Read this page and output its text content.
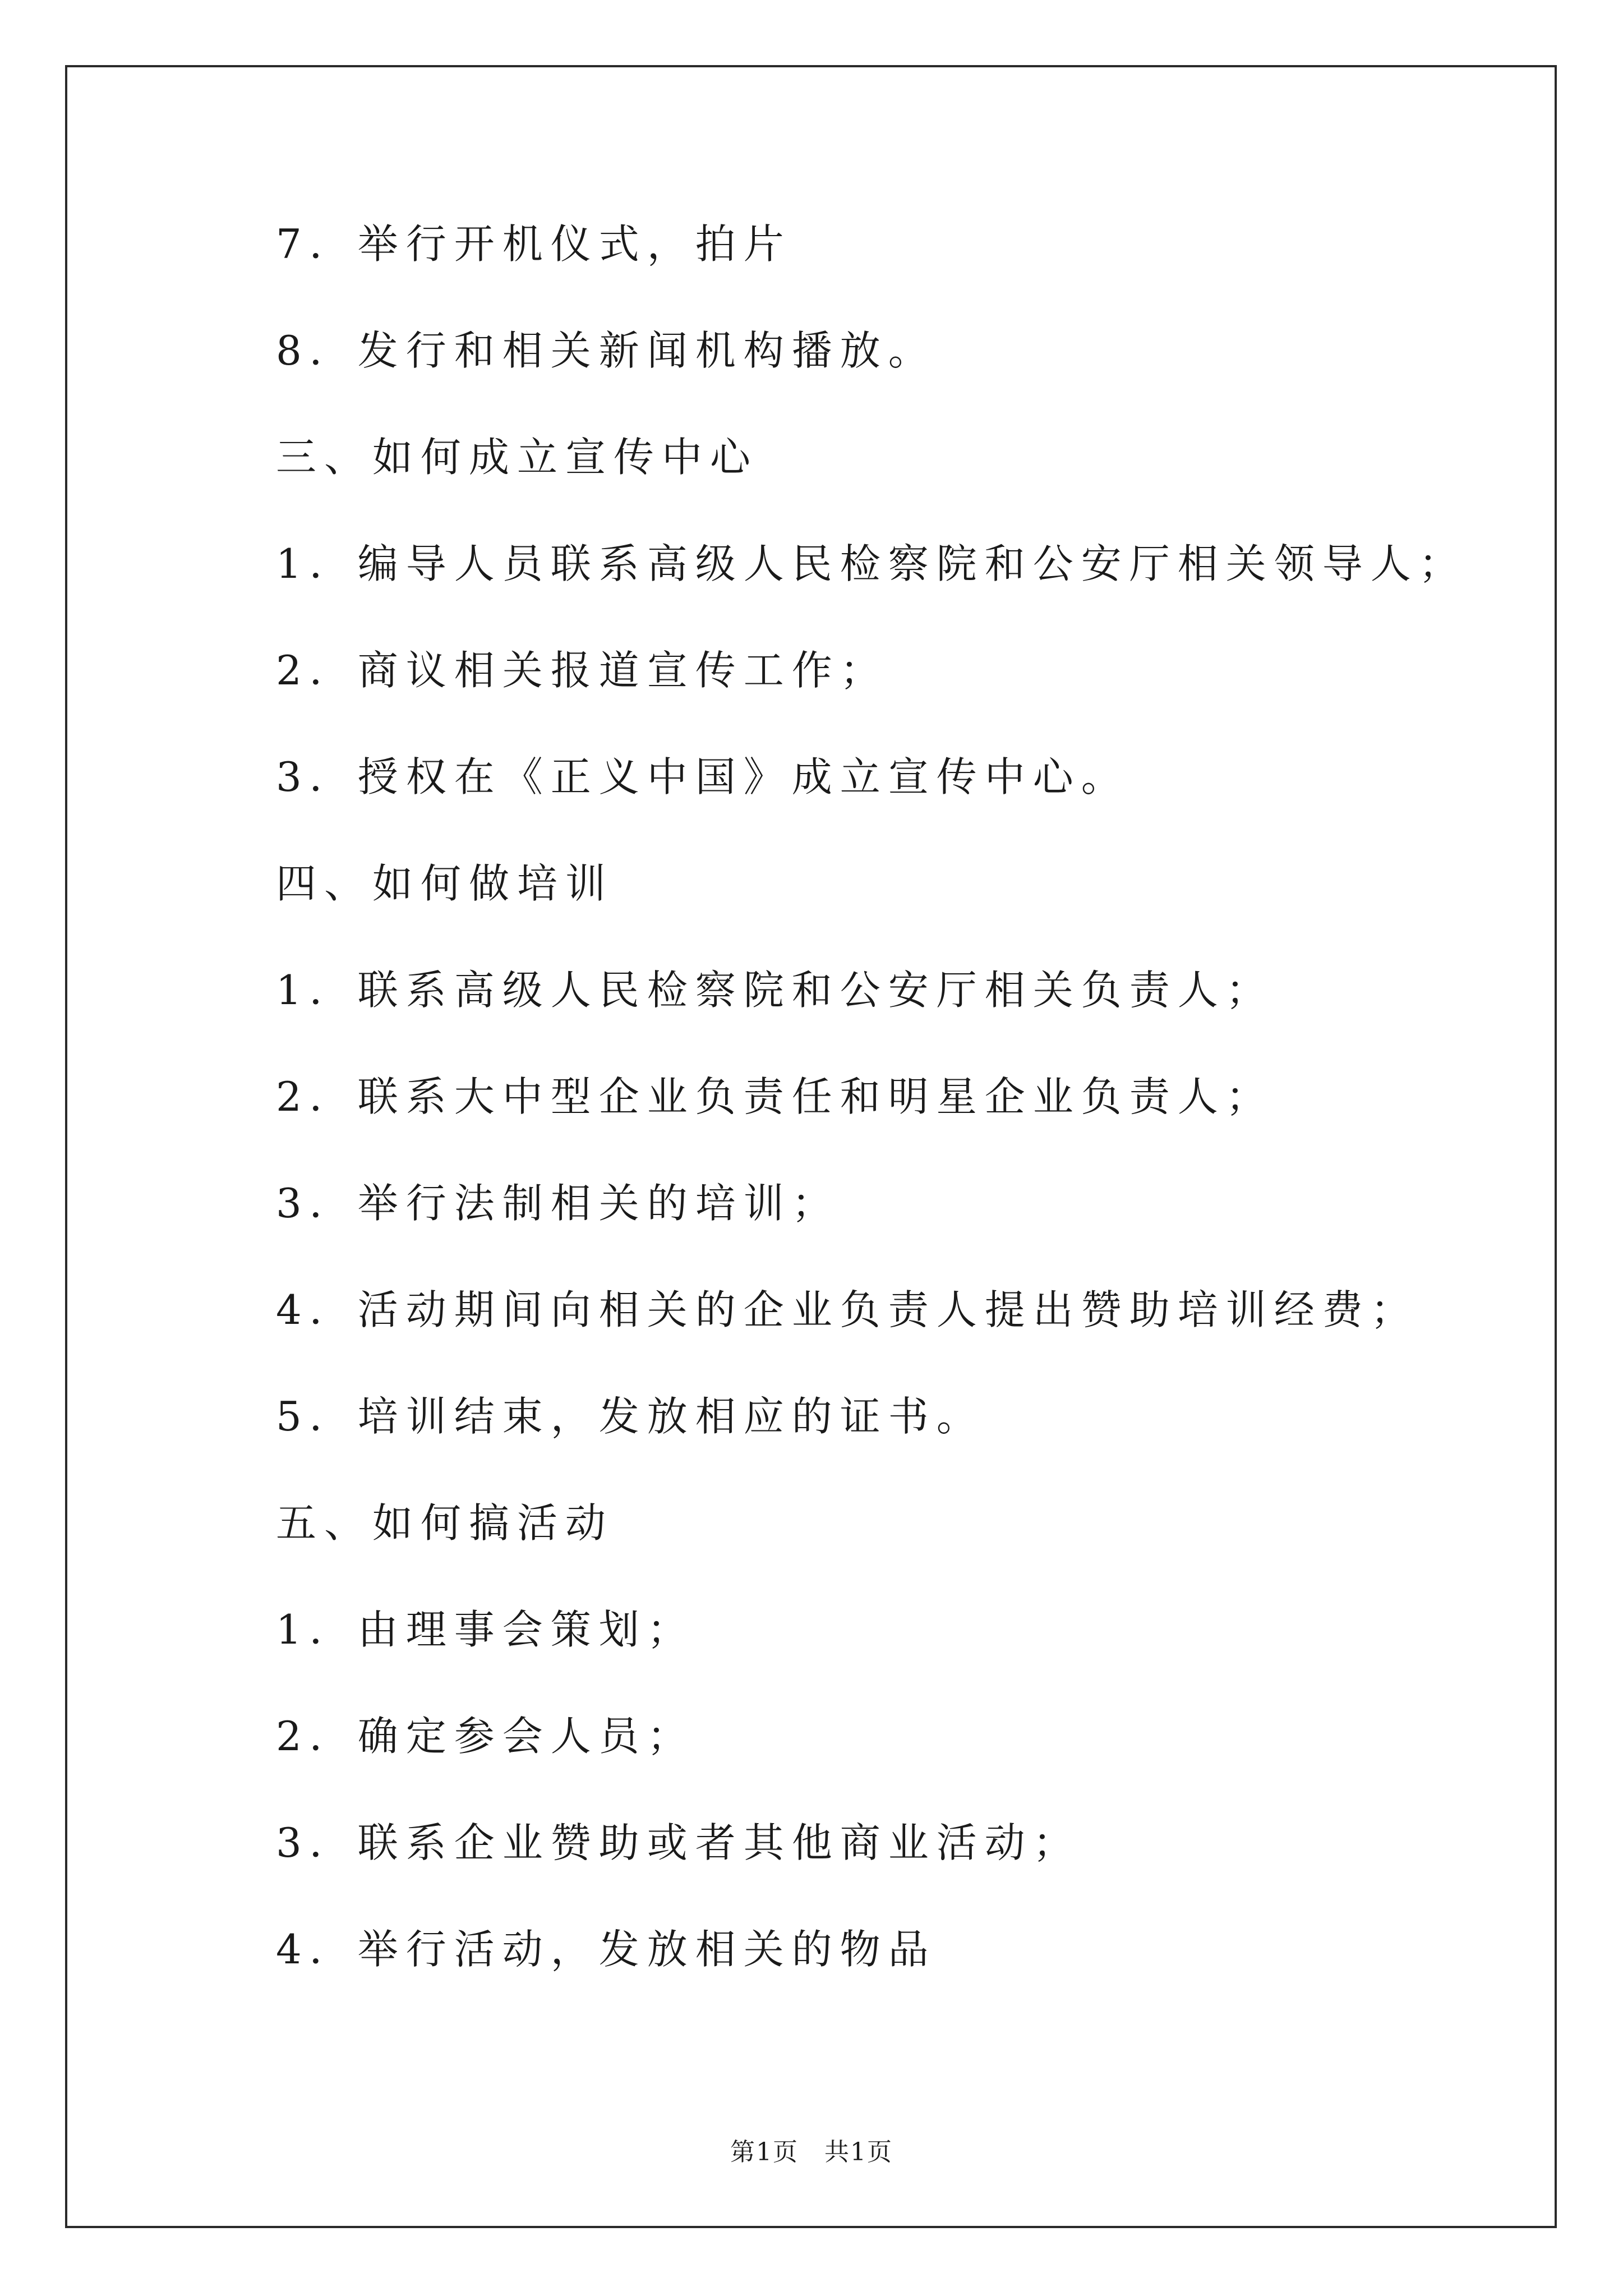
7．举行开机仪式，拍片
8．发行和相关新闻机构播放。
三、如何成立宣传中心
1．编导人员联系高级人民检察院和公安厅相关领导人；
2．商议相关报道宣传工作；
3．授权在《正义中国》成立宣传中心。
四、如何做培训
1．联系高级人民检察院和公安厅相关负责人；
2．联系大中型企业负责任和明星企业负责人；
3．举行法制相关的培训；
4．活动期间向相关的企业负责人提出赞助培训经费；
5．培训结束，发放相应的证书。
五、如何搞活动
1．由理事会策划；
2．确定参会人员；
3．联系企业赞助或者其他商业活动；
4．举行活动，发放相关的物品
第1页　共1页
